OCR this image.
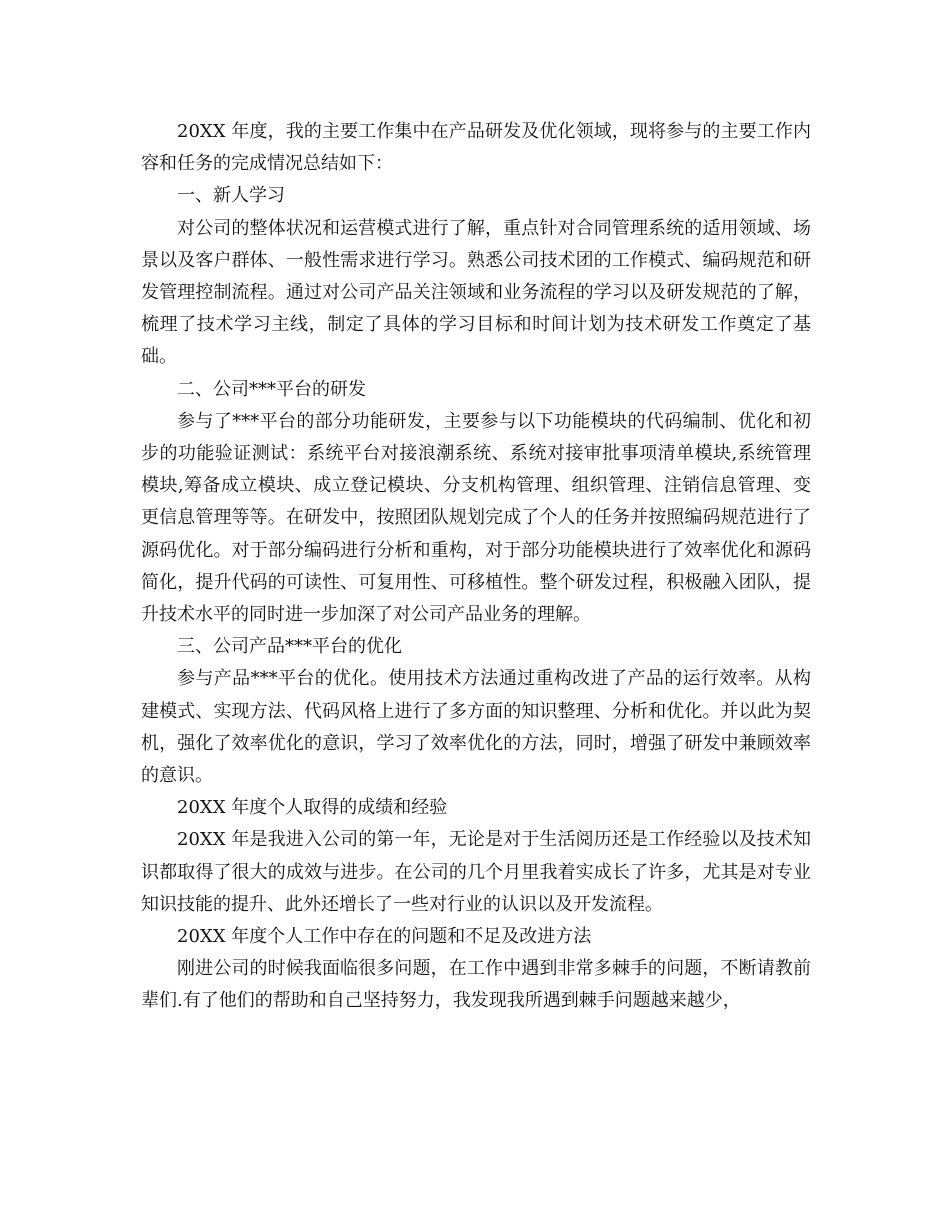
20XX 年度，我的主要工作集中在产品研发及优化领域，现将参与的主要工作内容和任务的完成情况总结如下：

一、新人学习

对公司的整体状况和运营模式进行了解，重点针对合同管理系统的适用领域、场景以及客户群体、一般性需求进行学习。熟悉公司技术团的工作模式、编码规范和研发管理控制流程。通过对公司产品关注领域和业务流程的学习以及研发规范的了解，梳理了技术学习主线，制定了具体的学习目标和时间计划为技术研发工作奠定了基础。

二、公司***平台的研发

参与了***平台的部分功能研发，主要参与以下功能模块的代码编制、优化和初步的功能验证测试：系统平台对接浪潮系统、系统对接审批事项清单模块,系统管理模块,筹备成立模块、成立登记模块、分支机构管理、组织管理、注销信息管理、变更信息管理等等。在研发中，按照团队规划完成了个人的任务并按照编码规范进行了源码优化。对于部分编码进行分析和重构，对于部分功能模块进行了效率优化和源码简化，提升代码的可读性、可复用性、可移植性。整个研发过程，积极融入团队，提升技术水平的同时进一步加深了对公司产品业务的理解。

三、公司产品***平台的优化

参与产品***平台的优化。使用技术方法通过重构改进了产品的运行效率。从构建模式、实现方法、代码风格上进行了多方面的知识整理、分析和优化。并以此为契机，强化了效率优化的意识，学习了效率优化的方法，同时，增强了研发中兼顾效率的意识。

20XX 年度个人取得的成绩和经验

20XX 年是我进入公司的第一年，无论是对于生活阅历还是工作经验以及技术知识都取得了很大的成效与进步。在公司的几个月里我着实成长了许多，尤其是对专业知识技能的提升、此外还增长了一些对行业的认识以及开发流程。

20XX 年度个人工作中存在的问题和不足及改进方法

刚进公司的时候我面临很多问题，在工作中遇到非常多棘手的问题，不断请教前辈们.有了他们的帮助和自己坚持努力，我发现我所遇到棘手问题越来越少，
